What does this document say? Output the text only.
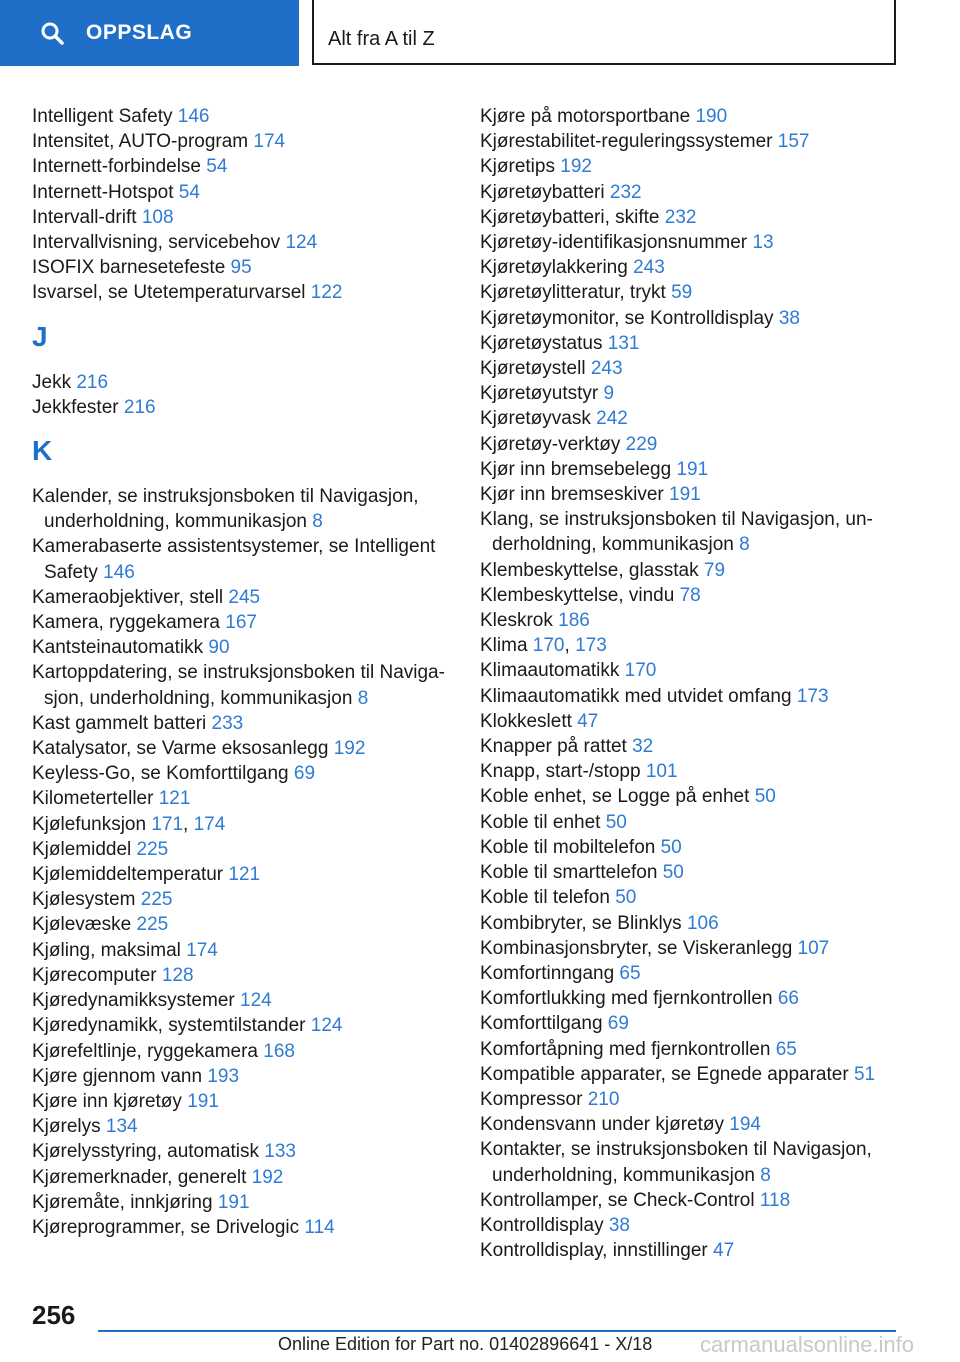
OPPSLAG	Alt fra A til Z
Intelligent Safety 146
Intensitet, AUTO-program 174
Internett-forbindelse 54
Internett-Hotspot 54
Intervall-drift 108
Intervallvisning, servicebehov 124
ISOFIX barnesetefeste 95
Isvarsel, se Utetemperaturvarsel 122
J
Jekk 216
Jekkfester 216
K
Kalender, se instruksjonsboken til Navigasjon, underholdning, kommunikasjon 8
Kamerabaserte assistentsystemer, se Intelligent Safety 146
Kameraobjektiver, stell 245
Kamera, ryggekamera 167
Kantsteinautomatikk 90
Kartoppdatering, se instruksjonsboken til Naviga-sjon, underholdning, kommunikasjon 8
Kast gammelt batteri 233
Katalysator, se Varme eksosanlegg 192
Keyless-Go, se Komforttilgang 69
Kilometerteller 121
Kjølefunksjon 171, 174
Kjølemiddel 225
Kjølemiddeltemperatur 121
Kjølesystem 225
Kjølevæske 225
Kjøling, maksimal 174
Kjørecomputer 128
Kjøredynamikksystemer 124
Kjøredynamikk, systemtilstander 124
Kjørefeltlinje, ryggekamera 168
Kjøre gjennom vann 193
Kjøre inn kjøretøy 191
Kjørelys 134
Kjørelysstyring, automatisk 133
Kjøremerknader, generelt 192
Kjøremåte, innkjøring 191
Kjøreprogrammer, se Drivelogic 114
Kjøre på motorsportbane 190
Kjørestabilitet-reguleringssystemer 157
Kjøretips 192
Kjøretøybatteri 232
Kjøretøybatteri, skifte 232
Kjøretøy-identifikasjonsnummer 13
Kjøretøylakkering 243
Kjøretøylitteratur, trykt 59
Kjøretøymonitor, se Kontrolldisplay 38
Kjøretøystatus 131
Kjøretøystell 243
Kjøretøyutstyr 9
Kjøretøyvask 242
Kjøretøy-verktøy 229
Kjør inn bremsebelegg 191
Kjør inn bremseskiver 191
Klang, se instruksjonsboken til Navigasjon, un-derholdning, kommunikasjon 8
Klembeskyttelse, glasstak 79
Klembeskyttelse, vindu 78
Kleskrok 186
Klima 170, 173
Klimaautomatikk 170
Klimaautomatikk med utvidet omfang 173
Klokkeslett 47
Knapper på rattet 32
Knapp, start-/stopp 101
Koble enhet, se Logge på enhet 50
Koble til enhet 50
Koble til mobiltelefon 50
Koble til smarttelefon 50
Koble til telefon 50
Kombibryter, se Blinklys 106
Kombinasjonsbryter, se Viskeranlegg 107
Komfortinngang 65
Komfortlukking med fjernkontrollen 66
Komforttilgang 69
Komfortåpning med fjernkontrollen 65
Kompatible apparater, se Egnede apparater 51
Kompressor 210
Kondensvann under kjøretøy 194
Kontakter, se instruksjonsboken til Navigasjon, underholdning, kommunikasjon 8
Kontrollamper, se Check-Control 118
Kontrolldisplay 38
Kontrolldisplay, innstillinger 47
256
Online Edition for Part no. 01402896641 - X/18 carmanualsonline.info
